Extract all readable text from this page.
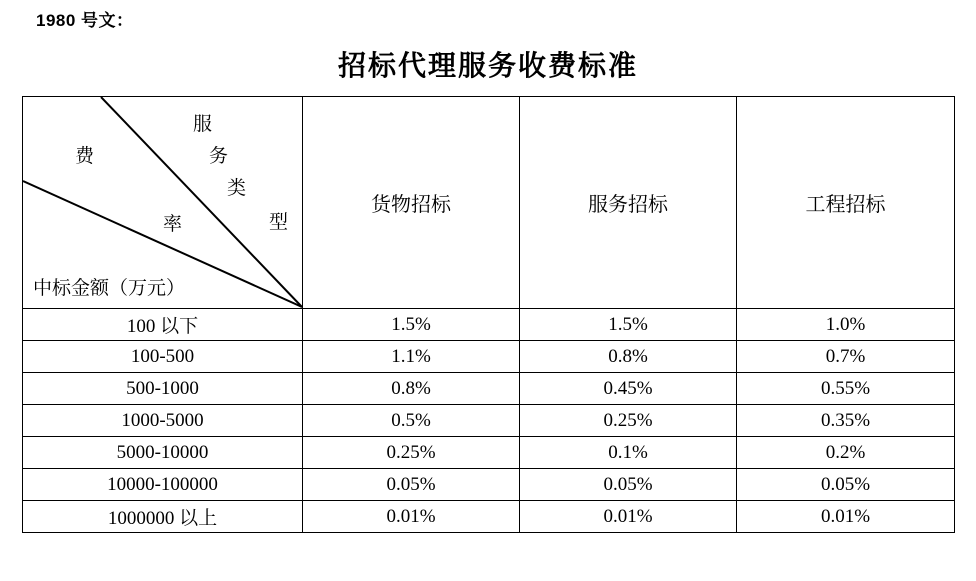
1980 号文：
招标代理服务收费标准
费
服
务
类
率	型
中标金额（万元）
	货物招标	服务招标	工程招标
100 以下	1.5%	1.5%	1.0%
100-500	1.1%	0.8%	0.7%
500-1000	0.8%	0.45%	0.55%
1000-5000	0.5%	0.25%	0.35%
5000-10000	0.25%	0.1%	0.2%
10000-100000	0.05%	0.05%	0.05%
1000000 以上	0.01%	0.01%	0.01%
